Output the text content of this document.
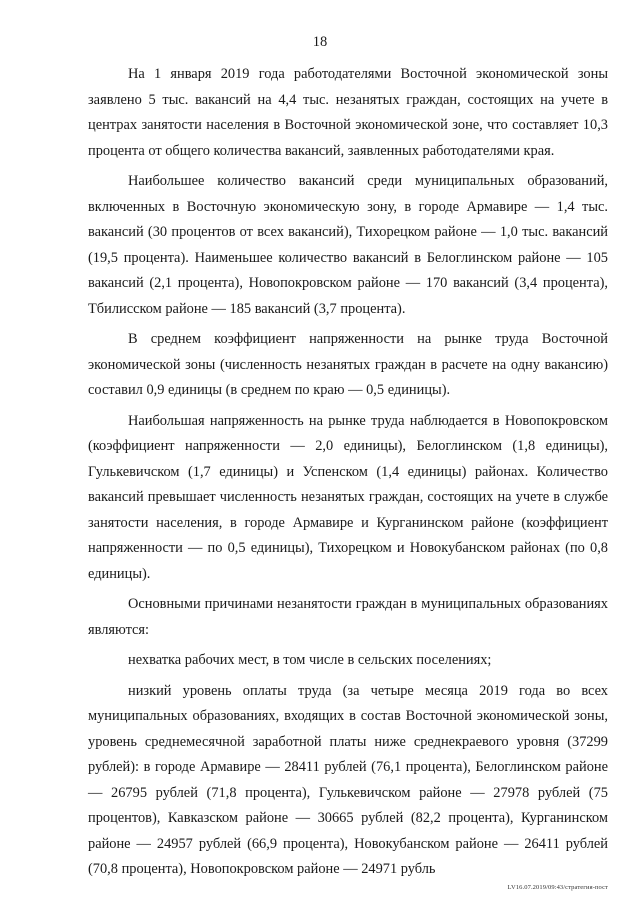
18

На 1 января 2019 года работодателями Восточной экономической зоны заявлено 5 тыс. вакансий на 4,4 тыс. незанятых граждан, состоящих на учете в центрах занятости населения в Восточной экономической зоне, что составляет 10,3 процента от общего количества вакансий, заявленных работодателями края.

Наибольшее количество вакансий среди муниципальных образований, включенных в Восточную экономическую зону, в городе Армавире — 1,4 тыс. вакансий (30 процентов от всех вакансий), Тихорецком районе — 1,0 тыс. вакансий (19,5 процента). Наименьшее количество вакансий в Белоглинском районе — 105 вакансий (2,1 процента), Новопокровском районе — 170 вакансий (3,4 процента), Тбилисском районе — 185 вакансий (3,7 процента).

В среднем коэффициент напряженности на рынке труда Восточной экономической зоны (численность незанятых граждан в расчете на одну вакансию) составил 0,9 единицы (в среднем по краю — 0,5 единицы).

Наибольшая напряженность на рынке труда наблюдается в Новопокровском (коэффициент напряженности — 2,0 единицы), Белоглинском (1,8 единицы), Гулькевичском (1,7 единицы) и Успенском (1,4 единицы) районах. Количество вакансий превышает численность незанятых граждан, состоящих на учете в службе занятости населения, в городе Армавире и Курганинском районе (коэффициент напряженности — по 0,5 единицы), Тихорецком и Новокубанском районах (по 0,8 единицы).

Основными причинами незанятости граждан в муниципальных образованиях являются:

нехватка рабочих мест, в том числе в сельских поселениях;

низкий уровень оплаты труда (за четыре месяца 2019 года во всех муниципальных образованиях, входящих в состав Восточной экономической зоны, уровень среднемесячной заработной платы ниже среднекраевого уровня (37299 рублей): в городе Армавире — 28411 рублей (76,1 процента), Белоглинском районе — 26795 рублей (71,8 процента), Гулькевичском районе — 27978 рублей (75 процентов), Кавказском районе — 30665 рублей (82,2 процента), Курганинском районе — 24957 рублей (66,9 процента), Новокубанском районе — 26411 рублей (70,8 процента), Новопокровском районе — 24971 рубль

LV16.07.2019/09:43/стратегия-пост
